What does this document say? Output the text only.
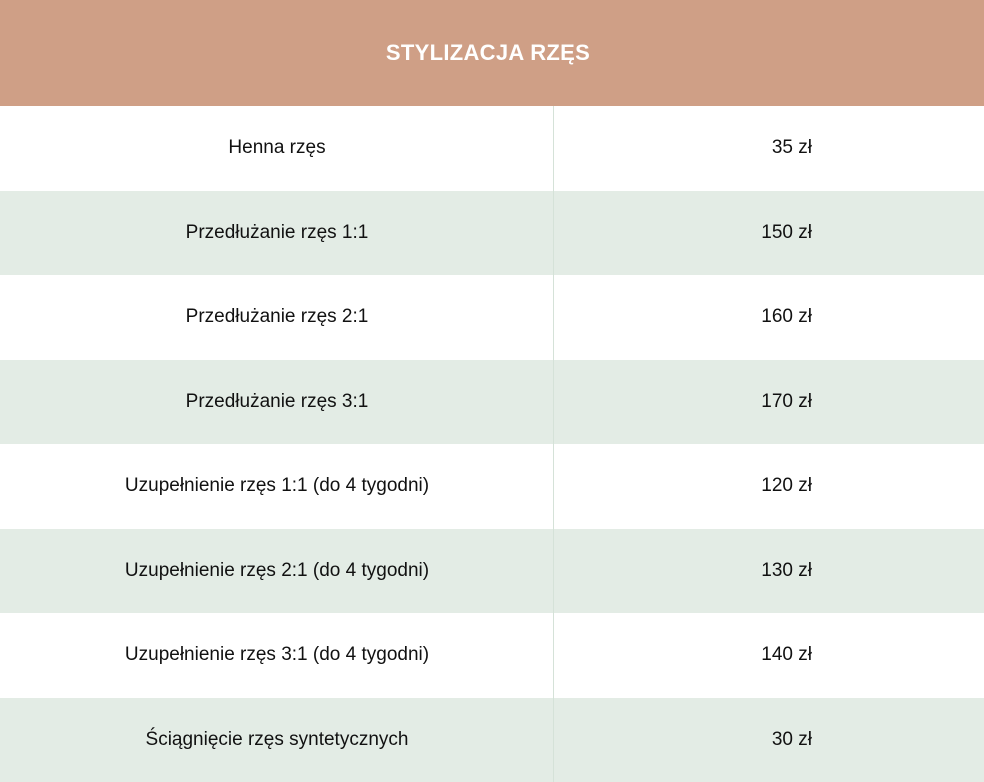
STYLIZACJA RZĘS
Henna rzęs	35 zł
Przedłużanie rzęs 1:1	150 zł
Przedłużanie rzęs 2:1	160 zł
Przedłużanie rzęs 3:1	170 zł
Uzupełnienie rzęs 1:1 (do 4 tygodni)	120 zł
Uzupełnienie rzęs 2:1 (do 4 tygodni)	130 zł
Uzupełnienie rzęs 3:1 (do 4 tygodni)	140 zł
Ściągnięcie rzęs syntetycznych	30 zł
